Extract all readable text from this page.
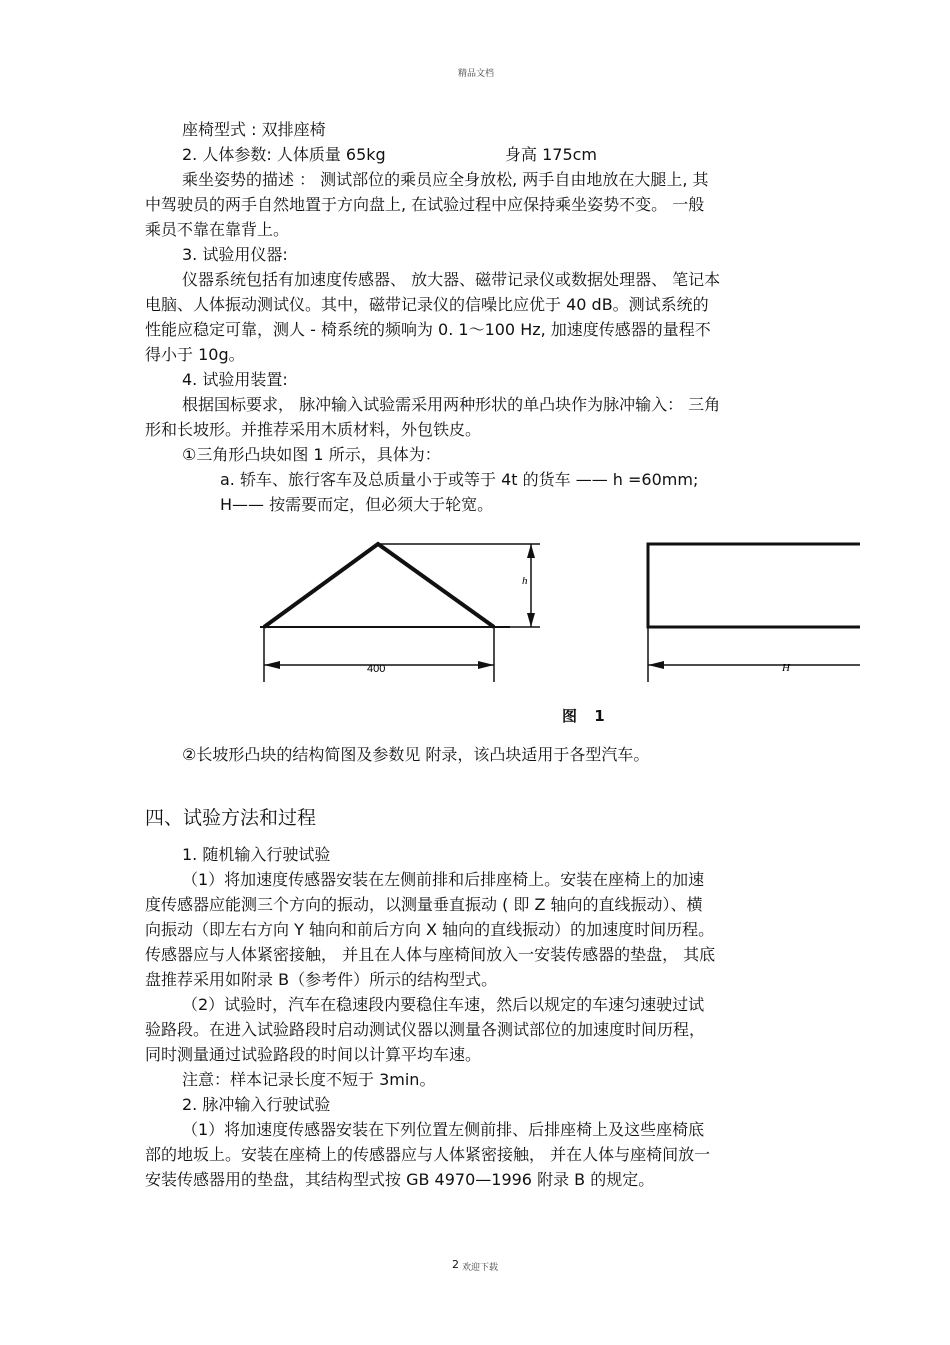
精品文档
座椅型式 : 双排座椅
2. 人体参数: 人体质量 65kg	身高 175cm
乘坐姿势的描述 ： 测试部位的乘员应全身放松, 两手自由地放在大腿上, 其
中驾驶员的两手自然地置于方向盘上, 在试验过程中应保持乘坐姿势不变。 一般
乘员不靠在靠背上。
3. 试验用仪器:
仪器系统包括有加速度传感器、 放大器、磁带记录仪或数据处理器、 笔记本
电脑、人体振动测试仪。其中，磁带记录仪的信噪比应优于 40 dB。测试系统的
性能应稳定可靠，测人 - 椅系统的频响为 0. 1～100 Hz, 加速度传感器的量程不
得小于 10g。
4. 试验用装置:
根据国标要求， 脉冲输入试验需采用两种形状的单凸块作为脉冲输入： 三角
形和长坡形。并推荐采用木质材料，外包铁皮。
①三角形凸块如图 1 所示，具体为：
a. 轿车、旅行客车及总质量小于或等于 4t 的货车 —— h =60mm;
H—— 按需要而定，但必须大于轮宽。
h
400	H
图 1
②长坡形凸块的结构简图及参数见 附录，该凸块适用于各型汽车。
四、试验方法和过程
1. 随机输入行驶试验
（1）将加速度传感器安装在左侧前排和后排座椅上。安装在座椅上的加速
度传感器应能测三个方向的振动，以测量垂直振动 ( 即 Z 轴向的直线振动）、横
向振动（即左右方向 Y 轴向和前后方向 X 轴向的直线振动）的加速度时间历程。
传感器应与人体紧密接触， 并且在人体与座椅间放入一安装传感器的垫盘， 其底
盘推荐采用如附录 B（参考件）所示的结构型式。
（2）试验时，汽车在稳速段内要稳住车速，然后以规定的车速匀速驶过试
验路段。在进入试验路段时启动测试仪器以测量各测试部位的加速度时间历程，
同时测量通过试验路段的时间以计算平均车速。
注意：样本记录长度不短于 3min。
2. 脉冲输入行驶试验
（1）将加速度传感器安装在下列位置左侧前排、后排座椅上及这些座椅底
部的地坂上。安装在座椅上的传感器应与人体紧密接触， 并在人体与座椅间放一
安装传感器用的垫盘，其结构型式按 GB 4970—1996 附录 B 的规定。
2 欢迎下载
